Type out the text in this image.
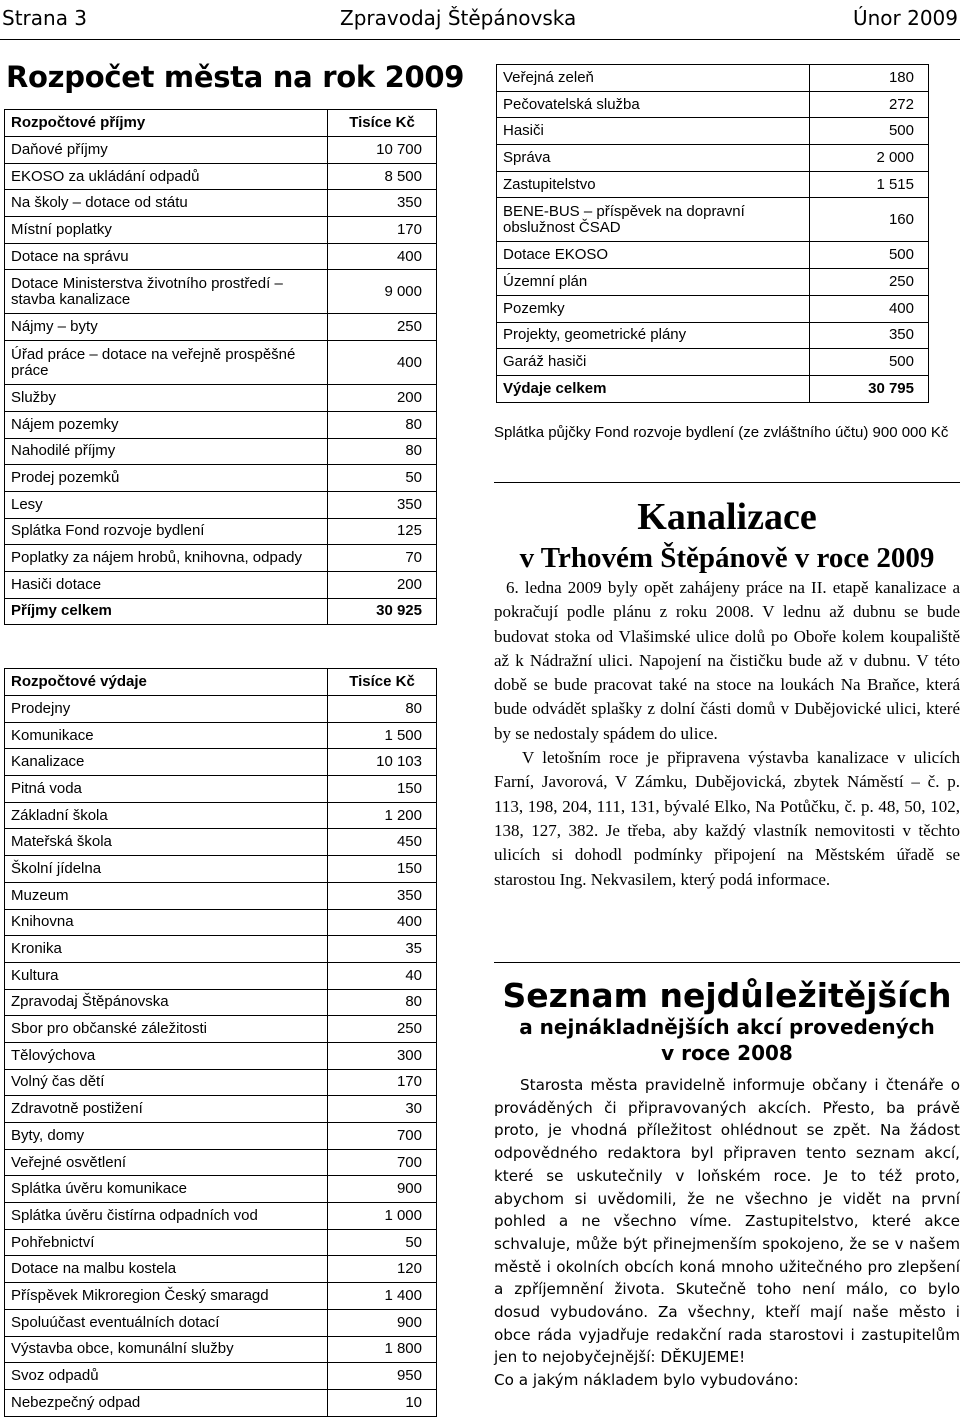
Strana 3	Zpravodaj Štěpánovska	Únor 2009
Rozpočet města na rok 2009
Rozpočtové příjmy	Tisíce Kč
Daňové příjmy	10 700
EKOSO za ukládání odpadů	8 500
Na školy – dotace od státu	350
Místní poplatky	170
Dotace na správu	400
Dotace Ministerstva životního prostředí – stavba kanalizace	9 000
Nájmy – byty	250
Úřad práce – dotace na veřejně prospěšné práce	400
Služby	200
Nájem pozemky	80
Nahodilé příjmy	80
Prodej pozemků	50
Lesy	350
Splátka Fond rozvoje bydlení	125
Poplatky za nájem hrobů, knihovna, odpady	70
Hasiči dotace	200
Příjmy celkem	30 925
Rozpočtové výdaje	Tisíce Kč
Prodejny	80
Komunikace	1 500
Kanalizace	10 103
Pitná voda	150
Základní škola	1 200
Mateřská škola	450
Školní jídelna	150
Muzeum	350
Knihovna	400
Kronika	35
Kultura	40
Zpravodaj Štěpánovska	80
Sbor pro občanské záležitosti	250
Tělovýchova	300
Volný čas dětí	170
Zdravotně postižení	30
Byty, domy	700
Veřejné osvětlení	700
Splátka úvěru komunikace	900
Splátka úvěru čistírna odpadních vod	1 000
Pohřebnictví	50
Dotace na malbu kostela	120
Příspěvek Mikroregion Český smaragd	1 400
Spoluúčast eventuálních dotací	900
Výstavba obce, komunální služby	1 800
Svoz odpadů	950
Nebezpečný odpad	10
Veřejná zeleň	180
Pečovatelská služba	272
Hasiči	500
Správa	2 000
Zastupitelstvo	1 515
BENE-BUS – příspěvek na dopravní obslužnost ČSAD	160
Dotace EKOSO	500
Územní plán	250
Pozemky	400
Projekty, geometrické plány	350
Garáž hasiči	500
Výdaje celkem	30 795

Splátka půjčky Fond rozvoje bydlení (ze zvláštního účtu) 900 000 Kč

Kanalizace
v Trhovém Štěpánově v roce 2009

6. ledna 2009 byly opět zahájeny práce na II. etapě kanalizace a pokračují podle plánu z roku 2008. V lednu až dubnu se bude budovat stoka od Vlašimské ulice dolů po Oboře kolem koupaliště až k Nádražní ulici. Napojení na čističku bude až v dubnu. V této době se bude pracovat také na stoce na loukách Na Braňce, která bude odvádět splašky z dolní části domů v Dubějovické ulici, které by se nedostaly spádem do ulice.

V letošním roce je připravena výstavba kanalizace v ulicích Farní, Javorová, V Zámku, Dubějovická, zbytek Náměstí – č. p. 113, 198, 204, 111, 131, bývalé Elko, Na Potůčku, č. p. 48, 50, 102, 138, 127, 382. Je třeba, aby každý vlastník nemovitosti v těchto ulicích si dohodl podmínky připojení na Městském úřadě se starostou Ing. Nekvasilem, který podá informace.

Seznam nejdůležitějších
a nejnákladnějších akcí provedených
v roce 2008

Starosta města pravidelně informuje občany i čtenáře o prováděných či připravovaných akcích. Přesto, ba právě proto, je vhodná příležitost ohlédnout se zpět. Na žádost odpovědného redaktora byl připraven tento seznam akcí, které se uskutečnily v loňském roce. Je to též proto, abychom si uvědomili, že ne všechno je vidět na první pohled a ne všechno víme. Zastupitelstvo, které akce schvaluje, může být přinejmenším spokojeno, že se v našem městě i okolních obcích koná mnoho užitečného pro zlepšení a zpříjemnění života. Skutečně toho není málo, co bylo dosud vybudováno. Za všechny, kteří mají naše město i obce ráda vyjadřuje redakční rada starostovi i zastupitelům jen to nejobyčejnější: DĚKUJEME!

Co a jakým nákladem bylo vybudováno:
